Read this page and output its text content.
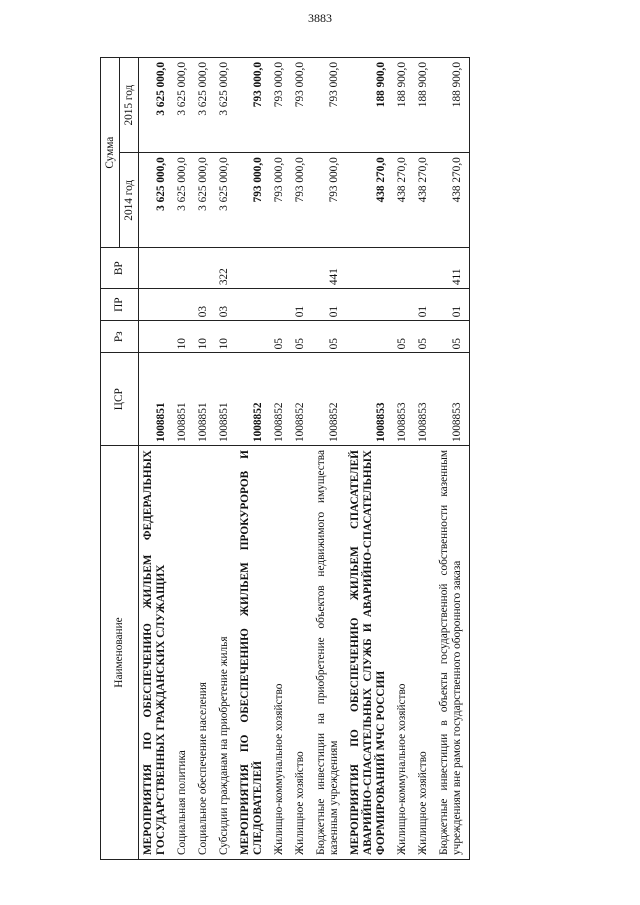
3883
Наименование	ЦСР	Рз	ПР	ВР	Сумма	
					2014 год	2015 год
МЕРОПРИЯТИЯ ПО ОБЕСПЕЧЕНИЮ ЖИЛЬЕМ ФЕДЕРАЛЬНЫХ ГОСУДАРСТВЕННЫХ ГРАЖДАНСКИХ СЛУЖАЩИХ	1008851				3 625 000,0	3 625 000,0
Социальная политика	1008851	10			3 625 000,0	3 625 000,0
Социальное обеспечение населения	1008851	10	03		3 625 000,0	3 625 000,0
Субсидии гражданам на приобретение жилья	1008851	10	03	322	3 625 000,0	3 625 000,0
МЕРОПРИЯТИЯ ПО ОБЕСПЕЧЕНИЮ ЖИЛЬЕМ ПРОКУРОРОВ И СЛЕДОВАТЕЛЕЙ	1008852				793 000,0	793 000,0
Жилищно-коммунальное хозяйство	1008852	05			793 000,0	793 000,0
Жилищное хозяйство	1008852	05	01		793 000,0	793 000,0
Бюджетные инвестиции на приобретение объектов недвижимого имущества казенным учреждениям	1008852	05	01	441	793 000,0	793 000,0
МЕРОПРИЯТИЯ ПО ОБЕСПЕЧЕНИЮ ЖИЛЬЕМ СПАСАТЕЛЕЙ АВАРИЙНО-СПАСАТЕЛЬНЫХ СЛУЖБ И АВАРИЙНО-СПАСАТЕЛЬНЫХ ФОРМИРОВАНИЙ МЧС РОССИИ	1008853				438 270,0	188 900,0
Жилищно-коммунальное хозяйство	1008853	05			438 270,0	188 900,0
Жилищное хозяйство	1008853	05	01		438 270,0	188 900,0
Бюджетные инвестиции в объекты государственной собственности казенным учреждениям вне рамок государственного оборонного заказа	1008853	05	01	411	438 270,0	188 900,0
